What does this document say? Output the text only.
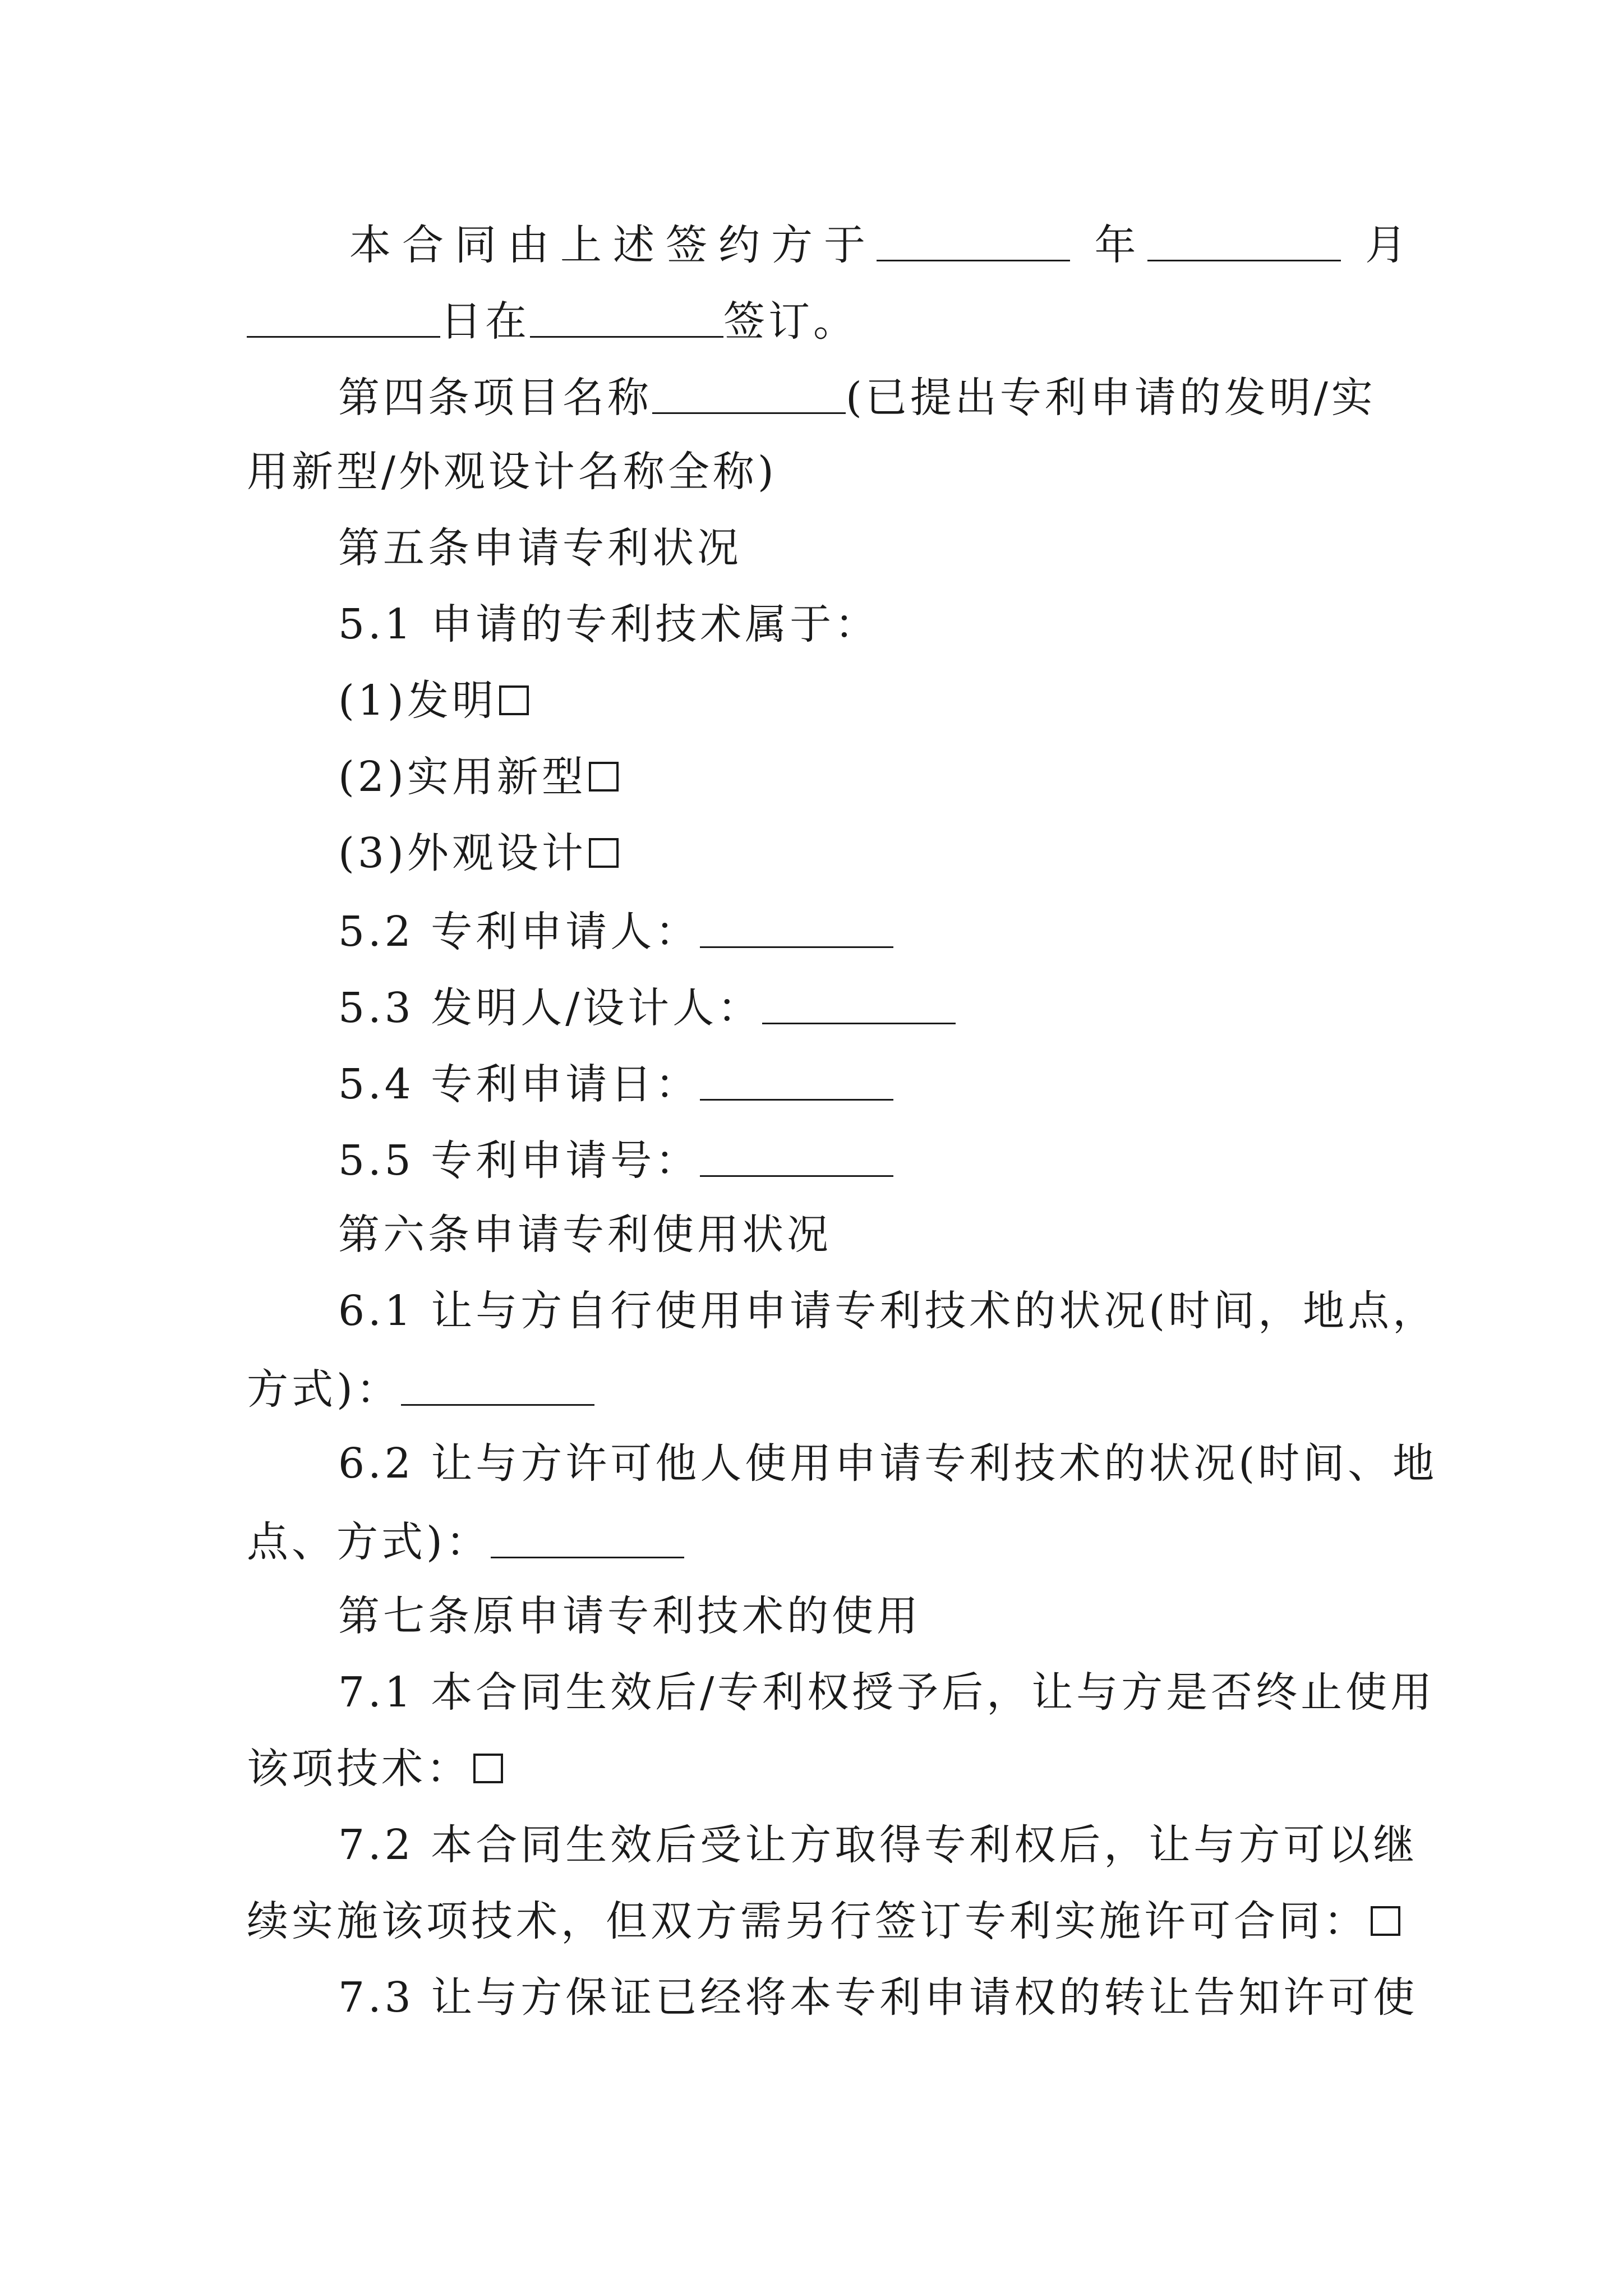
本合同由上述签约方于	年	月
日在	签订。
第四条项目名称	(已提出专利申请的发明/实
用新型/外观设计名称全称)
第五条申请专利状况
5.1 申请的专利技术属于：
(1)发明
(2)实用新型
(3)外观设计
5.2 专利申请人：
5.3 发明人/设计人：
5.4 专利申请日：
5.5 专利申请号：
第六条申请专利使用状况
6.1 让与方自行使用申请专利技术的状况(时间，地点，
方式)：
6.2 让与方许可他人使用申请专利技术的状况(时间、地
点、方式)：
第七条原申请专利技术的使用
7.1 本合同生效后/专利权授予后，让与方是否终止使用
该项技术：
7.2 本合同生效后受让方取得专利权后，让与方可以继
续实施该项技术，但双方需另行签订专利实施许可合同：
7.3 让与方保证已经将本专利申请权的转让告知许可使
